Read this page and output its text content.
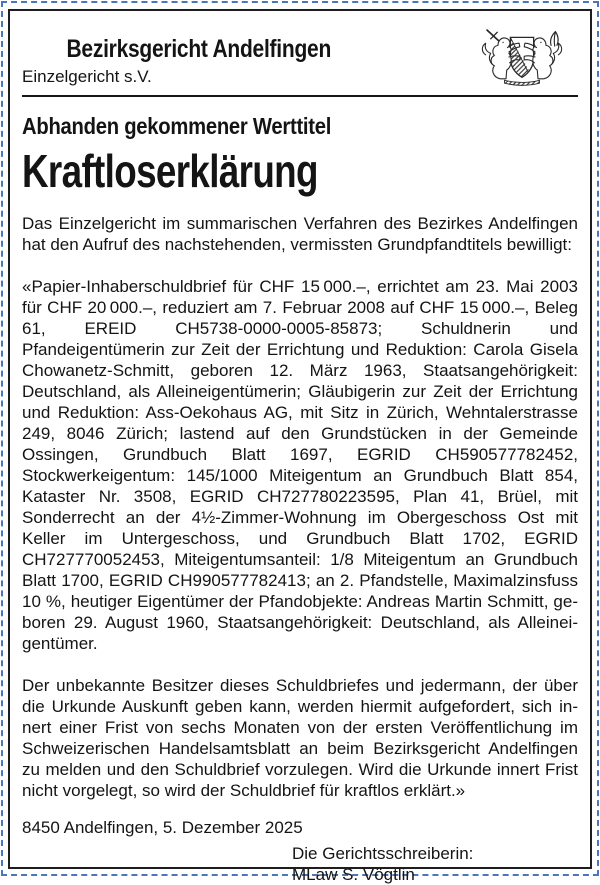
Bezirksgericht Andelfingen
Einzelgericht s.V.
Abhanden gekommener Werttitel
Kraftloserklärung

Das Einzelgericht im summarischen Verfahren des Bezirkes Andelfingen hat den Aufruf des nachstehenden, vermissten Grundpfandtitels bewilligt:

«Papier-Inhaberschuldbrief für CHF 15 000.–, errichtet am 23. Mai 2003 für CHF 20 000.–, reduziert am 7. Februar 2008 auf CHF 15 000.–, Beleg 61, EREID CH5738-0000-0005-85873; Schuldnerin und Pfandeigentümerin zur Zeit der Errichtung und Reduktion: Carola Gisela Chowanetz-Schmitt, geboren 12. März 1963, Staatsangehörigkeit: Deutschland, als Alleineigentümerin; Gläubigerin zur Zeit der Errichtung und Reduktion: Ass-Oekohaus AG, mit Sitz in Zürich, Wehntalerstrasse 249, 8046 Zürich; lastend auf den Grundstücken in der Gemeinde Ossingen, Grundbuch Blatt 1697, EGRID CH590577782452, Stockwerkeigentum: 145/1000 Miteigentum an Grundbuch Blatt 854, Kataster Nr. 3508, EGRID CH727780223595, Plan 41, Brüel, mit Sonderrecht an der 4½-Zimmer-Wohnung im Obergeschoss Ost mit Keller im Untergeschoss, und Grundbuch Blatt 1702, EGRID CH727770052453, Miteigentumsanteil: 1/8 Miteigentum an Grundbuch Blatt 1700, EGRID CH990577782413; an 2. Pfandstelle, Maximalzinsfuss 10 %, heutiger Eigentümer der Pfandobjekte: Andreas Martin Schmitt, geboren 29. August 1960, Staatsangehörigkeit: Deutschland, als Alleineigentümer.

Der unbekannte Besitzer dieses Schuldbriefes und jedermann, der über die Urkunde Auskunft geben kann, werden hiermit aufgefordert, sich innert einer Frist von sechs Monaten von der ersten Veröffentlichung im Schweizerischen Handelsamtsblatt an beim Bezirksgericht Andelfingen zu melden und den Schuldbrief vorzulegen. Wird die Urkunde innert Frist nicht vorgelegt, so wird der Schuldbrief für kraftlos erklärt.»

8450 Andelfingen, 5. Dezember 2025

Die Gerichtsschreiberin:
MLaw S. Vögtlin
